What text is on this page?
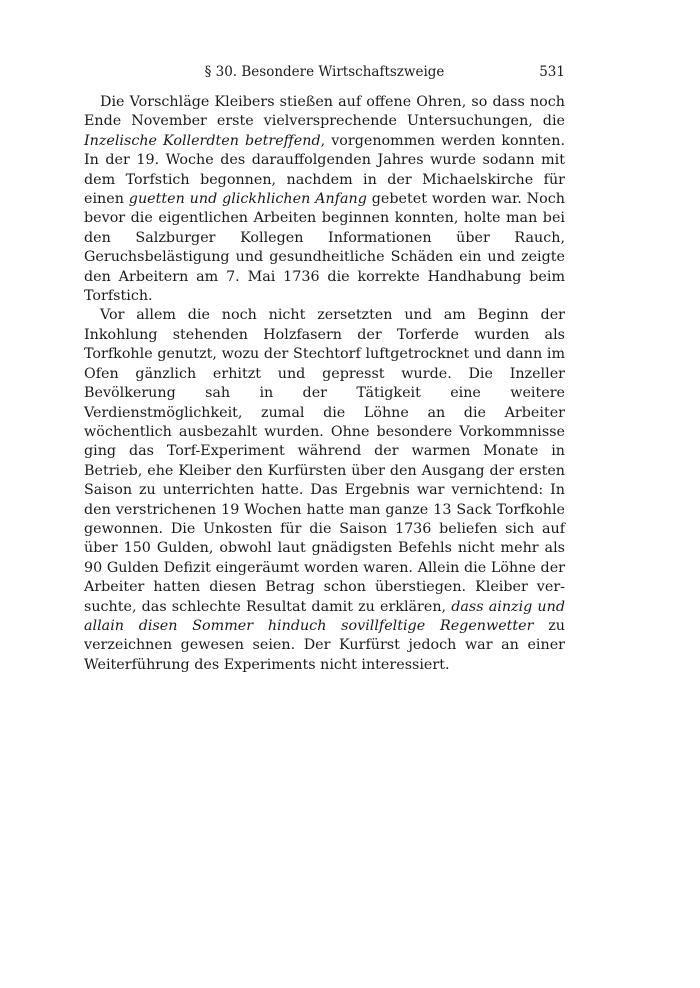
§ 30. Besondere Wirtschaftszweige	531

Die Vorschläge Kleibers stießen auf offene Ohren, so dass noch Ende November erste vielversprechende Untersuchungen, die Inzelische Kollerdten betreffend, vorgenommen werden konnten. In der 19. Woche des darauffolgenden Jahres wurde sodann mit dem Torfstich begonnen, nachdem in der Michaelskirche für einen guetten und glickhlichen Anfang gebetet worden war. Noch bevor die eigentlichen Arbeiten beginnen konnten, holte man bei den Salzburger Kollegen Informationen über Rauch, Geruchsbelästigung und gesundheitliche Schäden ein und zeigte den Arbeitern am 7. Mai 1736 die korrekte Handhabung beim Torfstich.

Vor allem die noch nicht zersetzten und am Beginn der Inkohlung stehenden Holzfasern der Torferde wurden als Torfkohle genutzt, wozu der Stechtorf luftgetrocknet und dann im Ofen gänzlich erhitzt und gepresst wurde. Die Inzeller Bevölkerung sah in der Tätigkeit eine weitere Verdienstmöglichkeit, zumal die Löhne an die Arbeiter wöchentlich ausbezahlt wurden. Ohne besondere Vorkommnisse ging das Torf-Experiment während der warmen Monate in Betrieb, ehe Kleiber den Kurfürsten über den Ausgang der ersten Saison zu unterrichten hatte. Das Ergebnis war vernichtend: In den verstrichenen 19 Wochen hatte man ganze 13 Sack Torfkohle gewonnen. Die Unkosten für die Saison 1736 beliefen sich auf über 150 Gulden, obwohl laut gnädigsten Befehls nicht mehr als 90 Gulden Defizit eingeräumt worden waren. Allein die Löhne der Arbeiter hatten diesen Betrag schon überstiegen. Kleiber versuchte, das schlechte Resultat damit zu erklären, dass ainzig und allain disen Sommer hinduch sovillfeltige Regenwetter zu verzeichnen gewesen seien. Der Kurfürst jedoch war an einer Weiterführung des Experiments nicht interessiert.
